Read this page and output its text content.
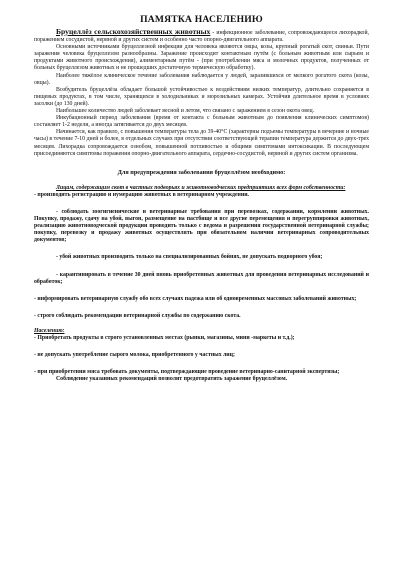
ПАМЯТКА НАСЕЛЕНИЮ

Бруцеллёз сельскохозяйственных животных - инфекционное заболевание, сопровождающееся лихорадкой, поражением сосудистой, нервной и других систем и особенно часто опорно-двигательного аппарата.

Основными источниками бруцеллезной инфекции для человека являются овцы, козы, крупный рогатый скот, свиньи. Пути заражения человека бруцеллезом разнообразны. Заражение происходит контактным путём (с больным животным или сырьем и продуктами животного происхождения), алиментарным путём - (при употреблении мяса и молочных продуктов, полученных от больных бруцеллезом животных и не прошедших достаточную термическую обработку).

Наиболее тяжёлое клиническое течение заболевания наблюдается у людей, заразившихся от мелкого рогатого скота (козы, овцы).

Возбудитель бруцеллёза обладает большой устойчивостью к воздействиям низких температур, длительно сохраняется в пищевых продуктах, в том числе, хранящихся в холодильниках и морозильных камерах. Устойчив длительное время в условиях засолки (до 130 дней).

Наибольшее количество людей заболевает весной и летом, что связано с заражением в сезон окота овец.

Инкубационный период заболевания (время от контакта с больным животным до появления клинических симптомов) составляет 1-2 недели, а иногда затягивается до двух месяцев.

Начинается, как правило, с повышения температуры тела до 39-40°С (характерны подъемы температуры в вечерние и ночные часы) в течение 7-10 дней и более, в отдельных случаях при отсутствии соответствующей терапии температура держится до двух-трех месяцев. Лихорадка сопровождается ознобом, повышенной потливостью и общими симптомами интоксикации. В последующем присоединяются симптомы поражения опорно-двигательного аппарата, сердечно-сосудистой, нервной и других систем организма.

Для предупреждения заболевания бруцеллёзом необходимо:

Лицам, содержащим скот в частных подворьях и животноводческих предприятиях всех форм собственности:

- производить регистрацию и нумерацию животных в ветеринарном учреждении.

- соблюдать зоогигиенические и ветеринарные требования при перевозках, содержании, кормлении животных. Покупку, продажу, сдачу на убой, выгон, размещение на пастбище и все другие перемещения и перегруппировки животных, реализацию животноводческой продукции проводить только с ведома и разрешения государственной ветеринарной службы; покупку, перевозку и продажу животных осуществлять при обязательном наличии ветеринарных сопроводительных документов;

- убой животных производить только на специализированных бойнях, не допускать подворного убоя;

- карантинировать в течение 30 дней вновь приобретенных животных для проведения ветеринарных исследований и обработок;

- информировать ветеринарную службу обо всех случаях падежа или об одновременных массовых заболеваний животных;

- строго соблюдать рекомендации ветеринарной службы по содержанию скота.

Населению:

- Приобретать продукты в строго установленных местах (рынки, магазины, мини -маркеты и т.д.);

- не допускать употребление сырого молока, приобретенного у частных лиц;

- при приобретении мяса требовать документы, подтверждающие проведение ветеринарно-санитарной экспертизы;

Соблюдение указанных рекомендаций позволит предотвратить заражение бруцеллёзом.
